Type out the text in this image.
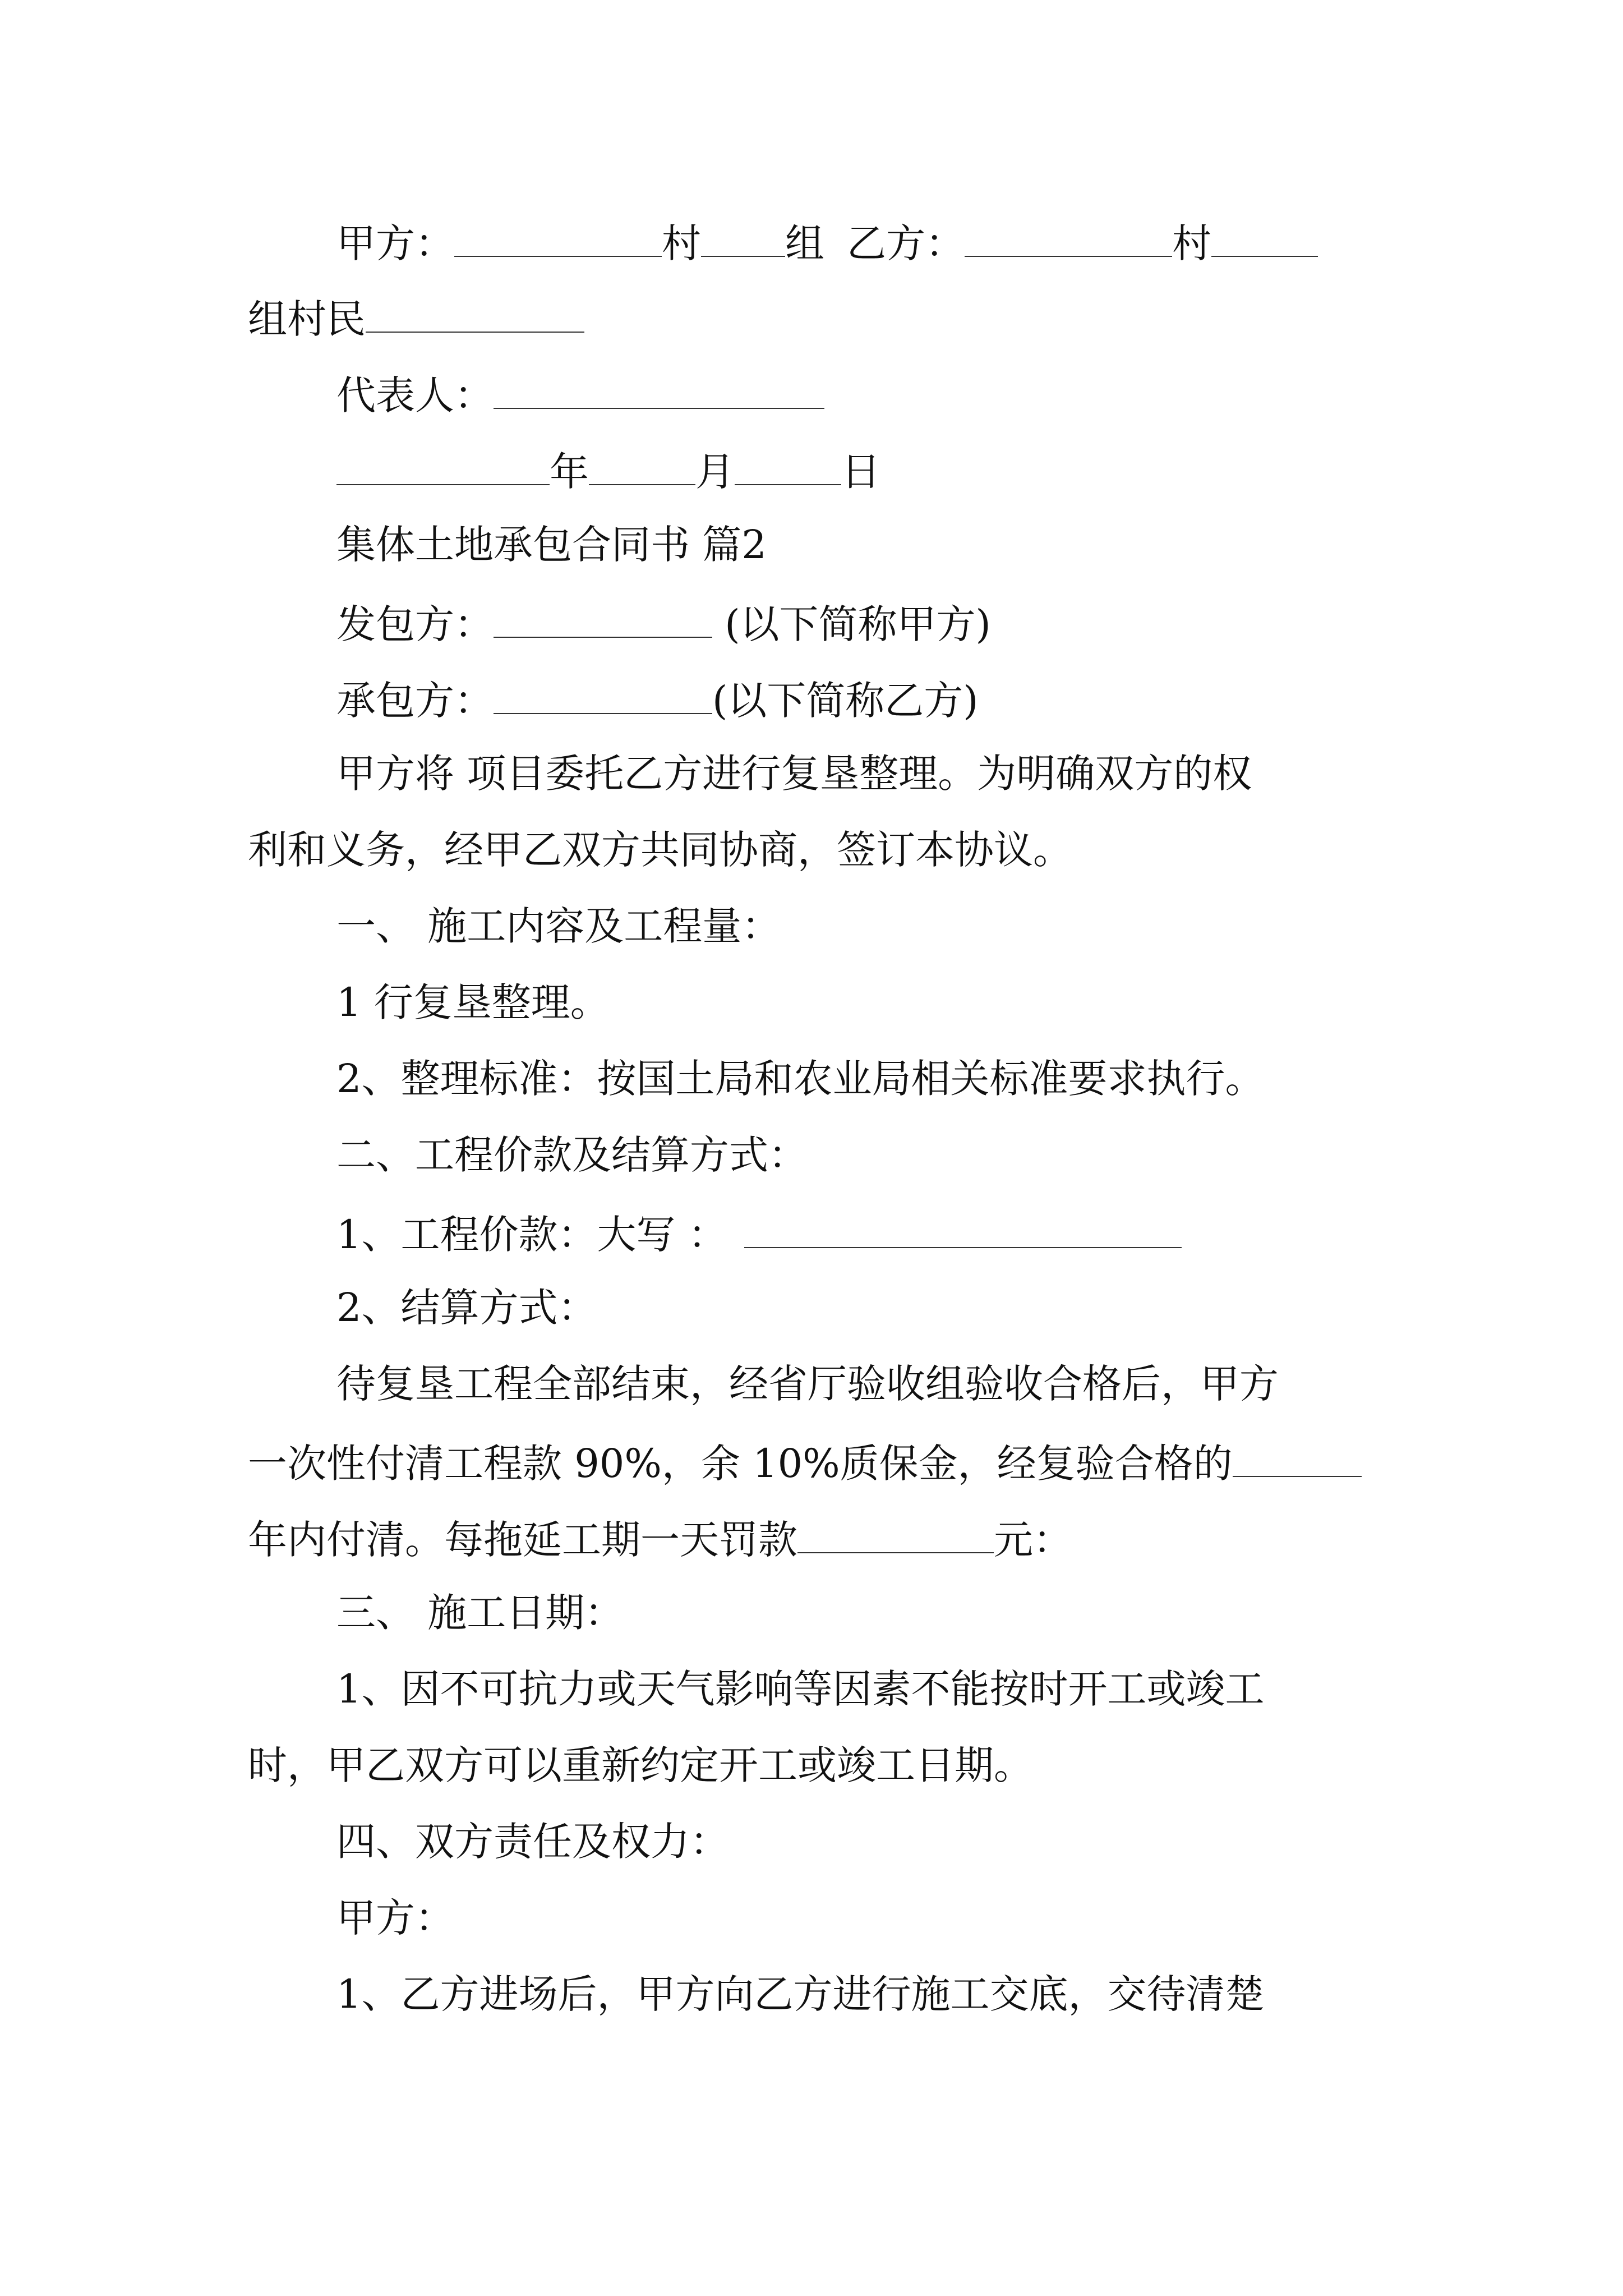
甲方：	村 组 乙方：	村
组村民
代表人：
年	月	日
集体土地承包合同书 篇2
发包方：	(以下简称甲方)
承包方：	(以下简称乙方)
甲方将 项目委托乙方进行复垦整理。为明确双方的权
利和义务，经甲乙双方共同协商，签订本协议。
一、 施工内容及工程量：
1 行复垦整理。
2、整理标准：按国土局和农业局相关标准要求执行。
二、工程价款及结算方式：
1、工程价款：大写 ：
2、结算方式：
待复垦工程全部结束，经省厅验收组验收合格后，甲方
一次性付清工程款 90%，余 10%质保金，经复验合格的
年内付清。每拖延工期一天罚款	元：
三、 施工日期：
1、因不可抗力或天气影响等因素不能按时开工或竣工
时，甲乙双方可以重新约定开工或竣工日期。
四、双方责任及权力：
甲方：
1、乙方进场后，甲方向乙方进行施工交底，交待清楚
